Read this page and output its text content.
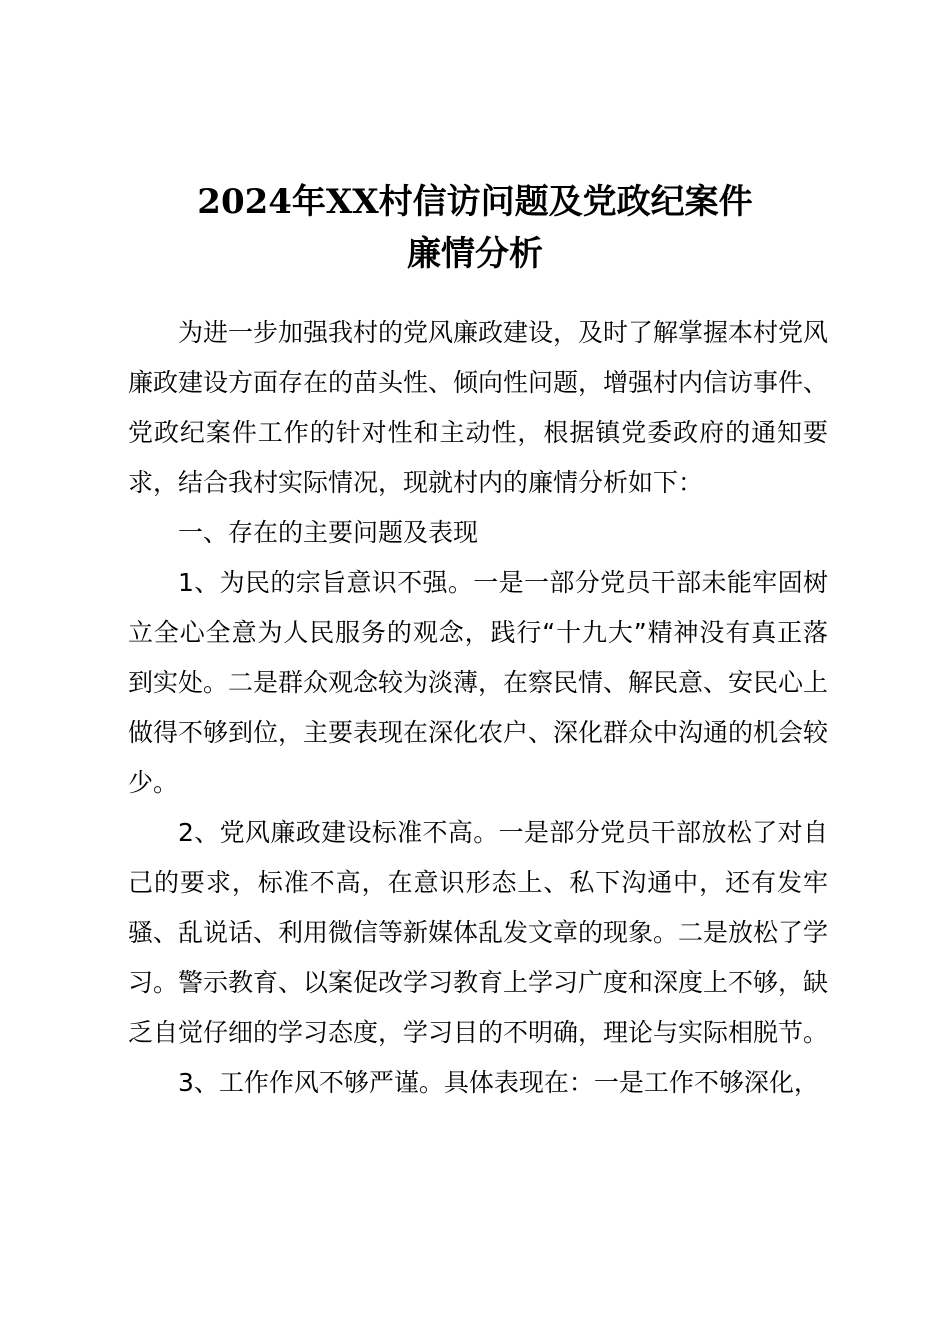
2024年XX村信访问题及党政纪案件
廉情分析

为进一步加强我村的党风廉政建设，及时了解掌握本村党风廉政建设方面存在的苗头性、倾向性问题，增强村内信访事件、党政纪案件工作的针对性和主动性，根据镇党委政府的通知要求，结合我村实际情况，现就村内的廉情分析如下：

一、存在的主要问题及表现

1、为民的宗旨意识不强。一是一部分党员干部未能牢固树立全心全意为人民服务的观念，践行“十九大”精神没有真正落到实处。二是群众观念较为淡薄，在察民情、解民意、安民心上做得不够到位，主要表现在深化农户、深化群众中沟通的机会较少。

2、党风廉政建设标准不高。一是部分党员干部放松了对自己的要求，标准不高，在意识形态上、私下沟通中，还有发牢骚、乱说话、利用微信等新媒体乱发文章的现象。二是放松了学习。警示教育、以案促改学习教育上学习广度和深度上不够，缺乏自觉仔细的学习态度，学习目的不明确，理论与实际相脱节。

3、工作作风不够严谨。具体表现在：一是工作不够深化，
